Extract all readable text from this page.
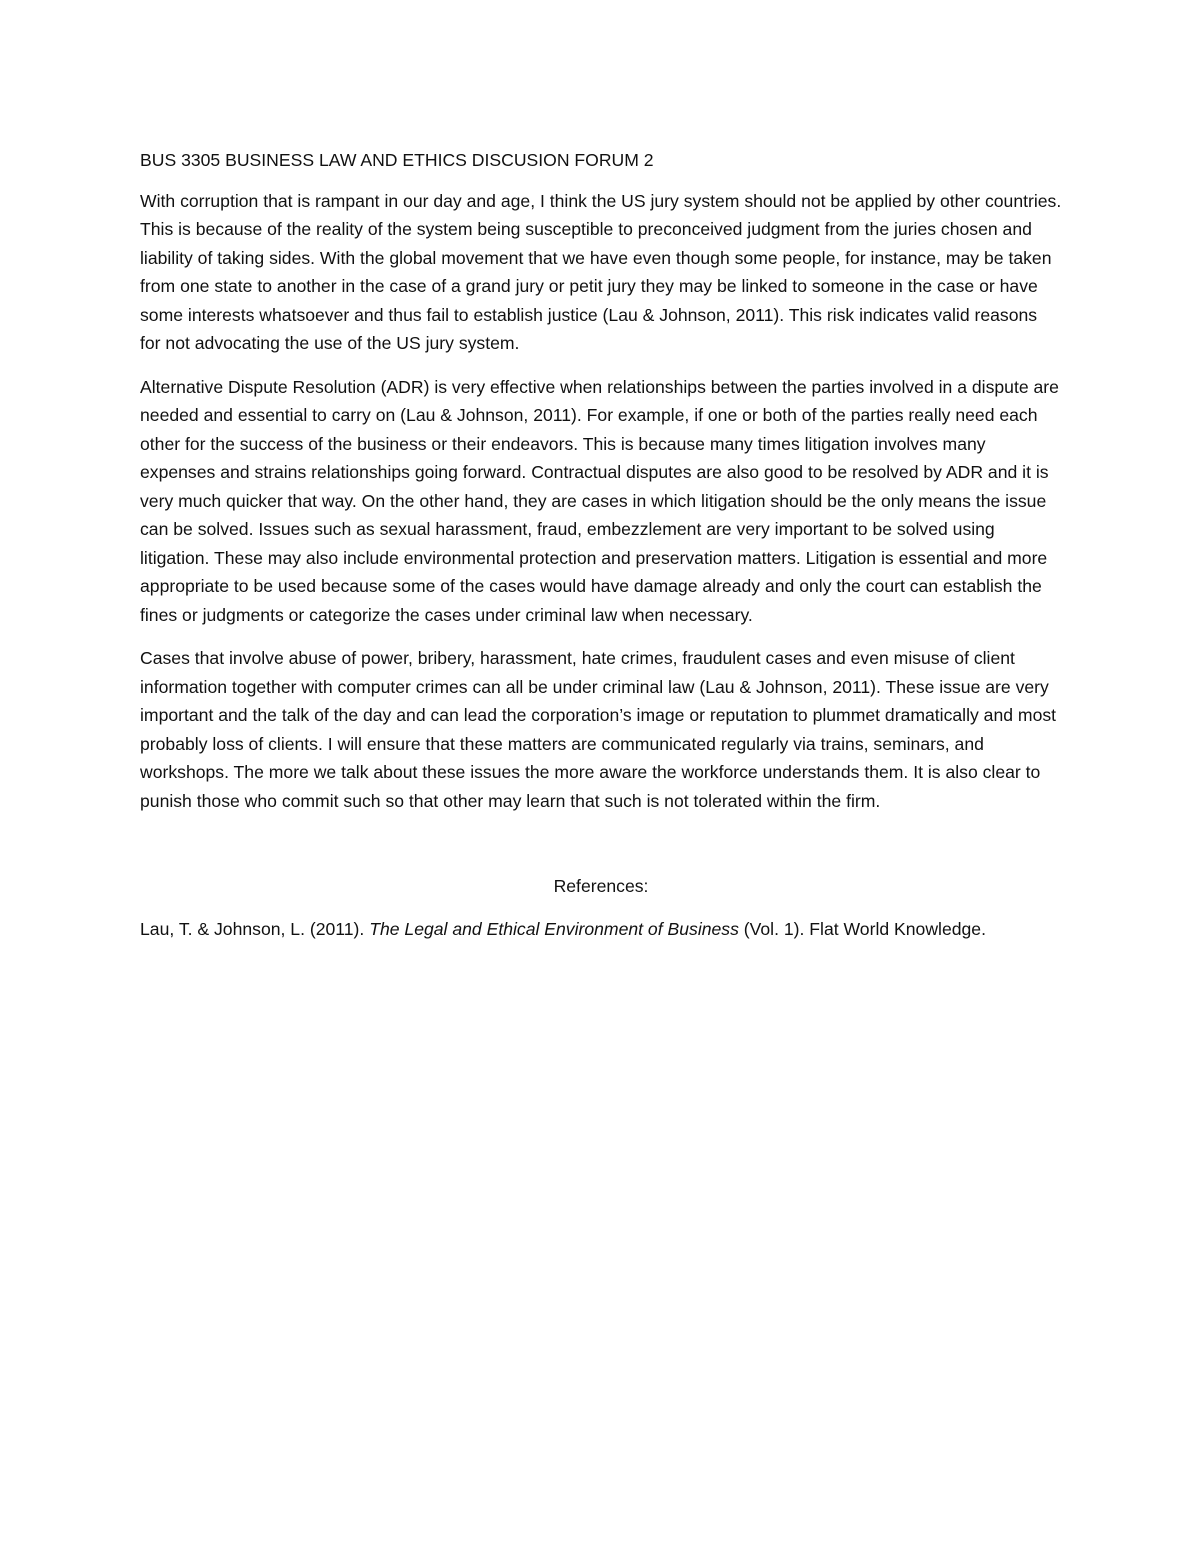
BUS 3305 BUSINESS LAW AND ETHICS DISCUSION FORUM 2

With corruption that is rampant in our day and age, I think the US jury system should not be applied by other countries. This is because of the reality of the system being susceptible to preconceived judgment from the juries chosen and liability of taking sides. With the global movement that we have even though some people, for instance, may be taken from one state to another in the case of a grand jury or petit jury they may be linked to someone in the case or have some interests whatsoever and thus fail to establish justice (Lau & Johnson, 2011). This risk indicates valid reasons for not advocating the use of the US jury system.

Alternative Dispute Resolution (ADR) is very effective when relationships between the parties involved in a dispute are needed and essential to carry on (Lau & Johnson, 2011). For example, if one or both of the parties really need each other for the success of the business or their endeavors. This is because many times litigation involves many expenses and strains relationships going forward. Contractual disputes are also good to be resolved by ADR and it is very much quicker that way. On the other hand, they are cases in which litigation should be the only means the issue can be solved. Issues such as sexual harassment, fraud, embezzlement are very important to be solved using litigation. These may also include environmental protection and preservation matters. Litigation is essential and more appropriate to be used because some of the cases would have damage already and only the court can establish the fines or judgments or categorize the cases under criminal law when necessary.

Cases that involve abuse of power, bribery, harassment, hate crimes, fraudulent cases and even misuse of client information together with computer crimes can all be under criminal law (Lau & Johnson, 2011). These issue are very important and the talk of the day and can lead the corporation’s image or reputation to plummet dramatically and most probably loss of clients. I will ensure that these matters are communicated regularly via trains, seminars, and workshops. The more we talk about these issues the more aware the workforce understands them. It is also clear to punish those who commit such so that other may learn that such is not tolerated within the firm.

References:

Lau, T. & Johnson, L. (2011). The Legal and Ethical Environment of Business (Vol. 1). Flat World Knowledge.
